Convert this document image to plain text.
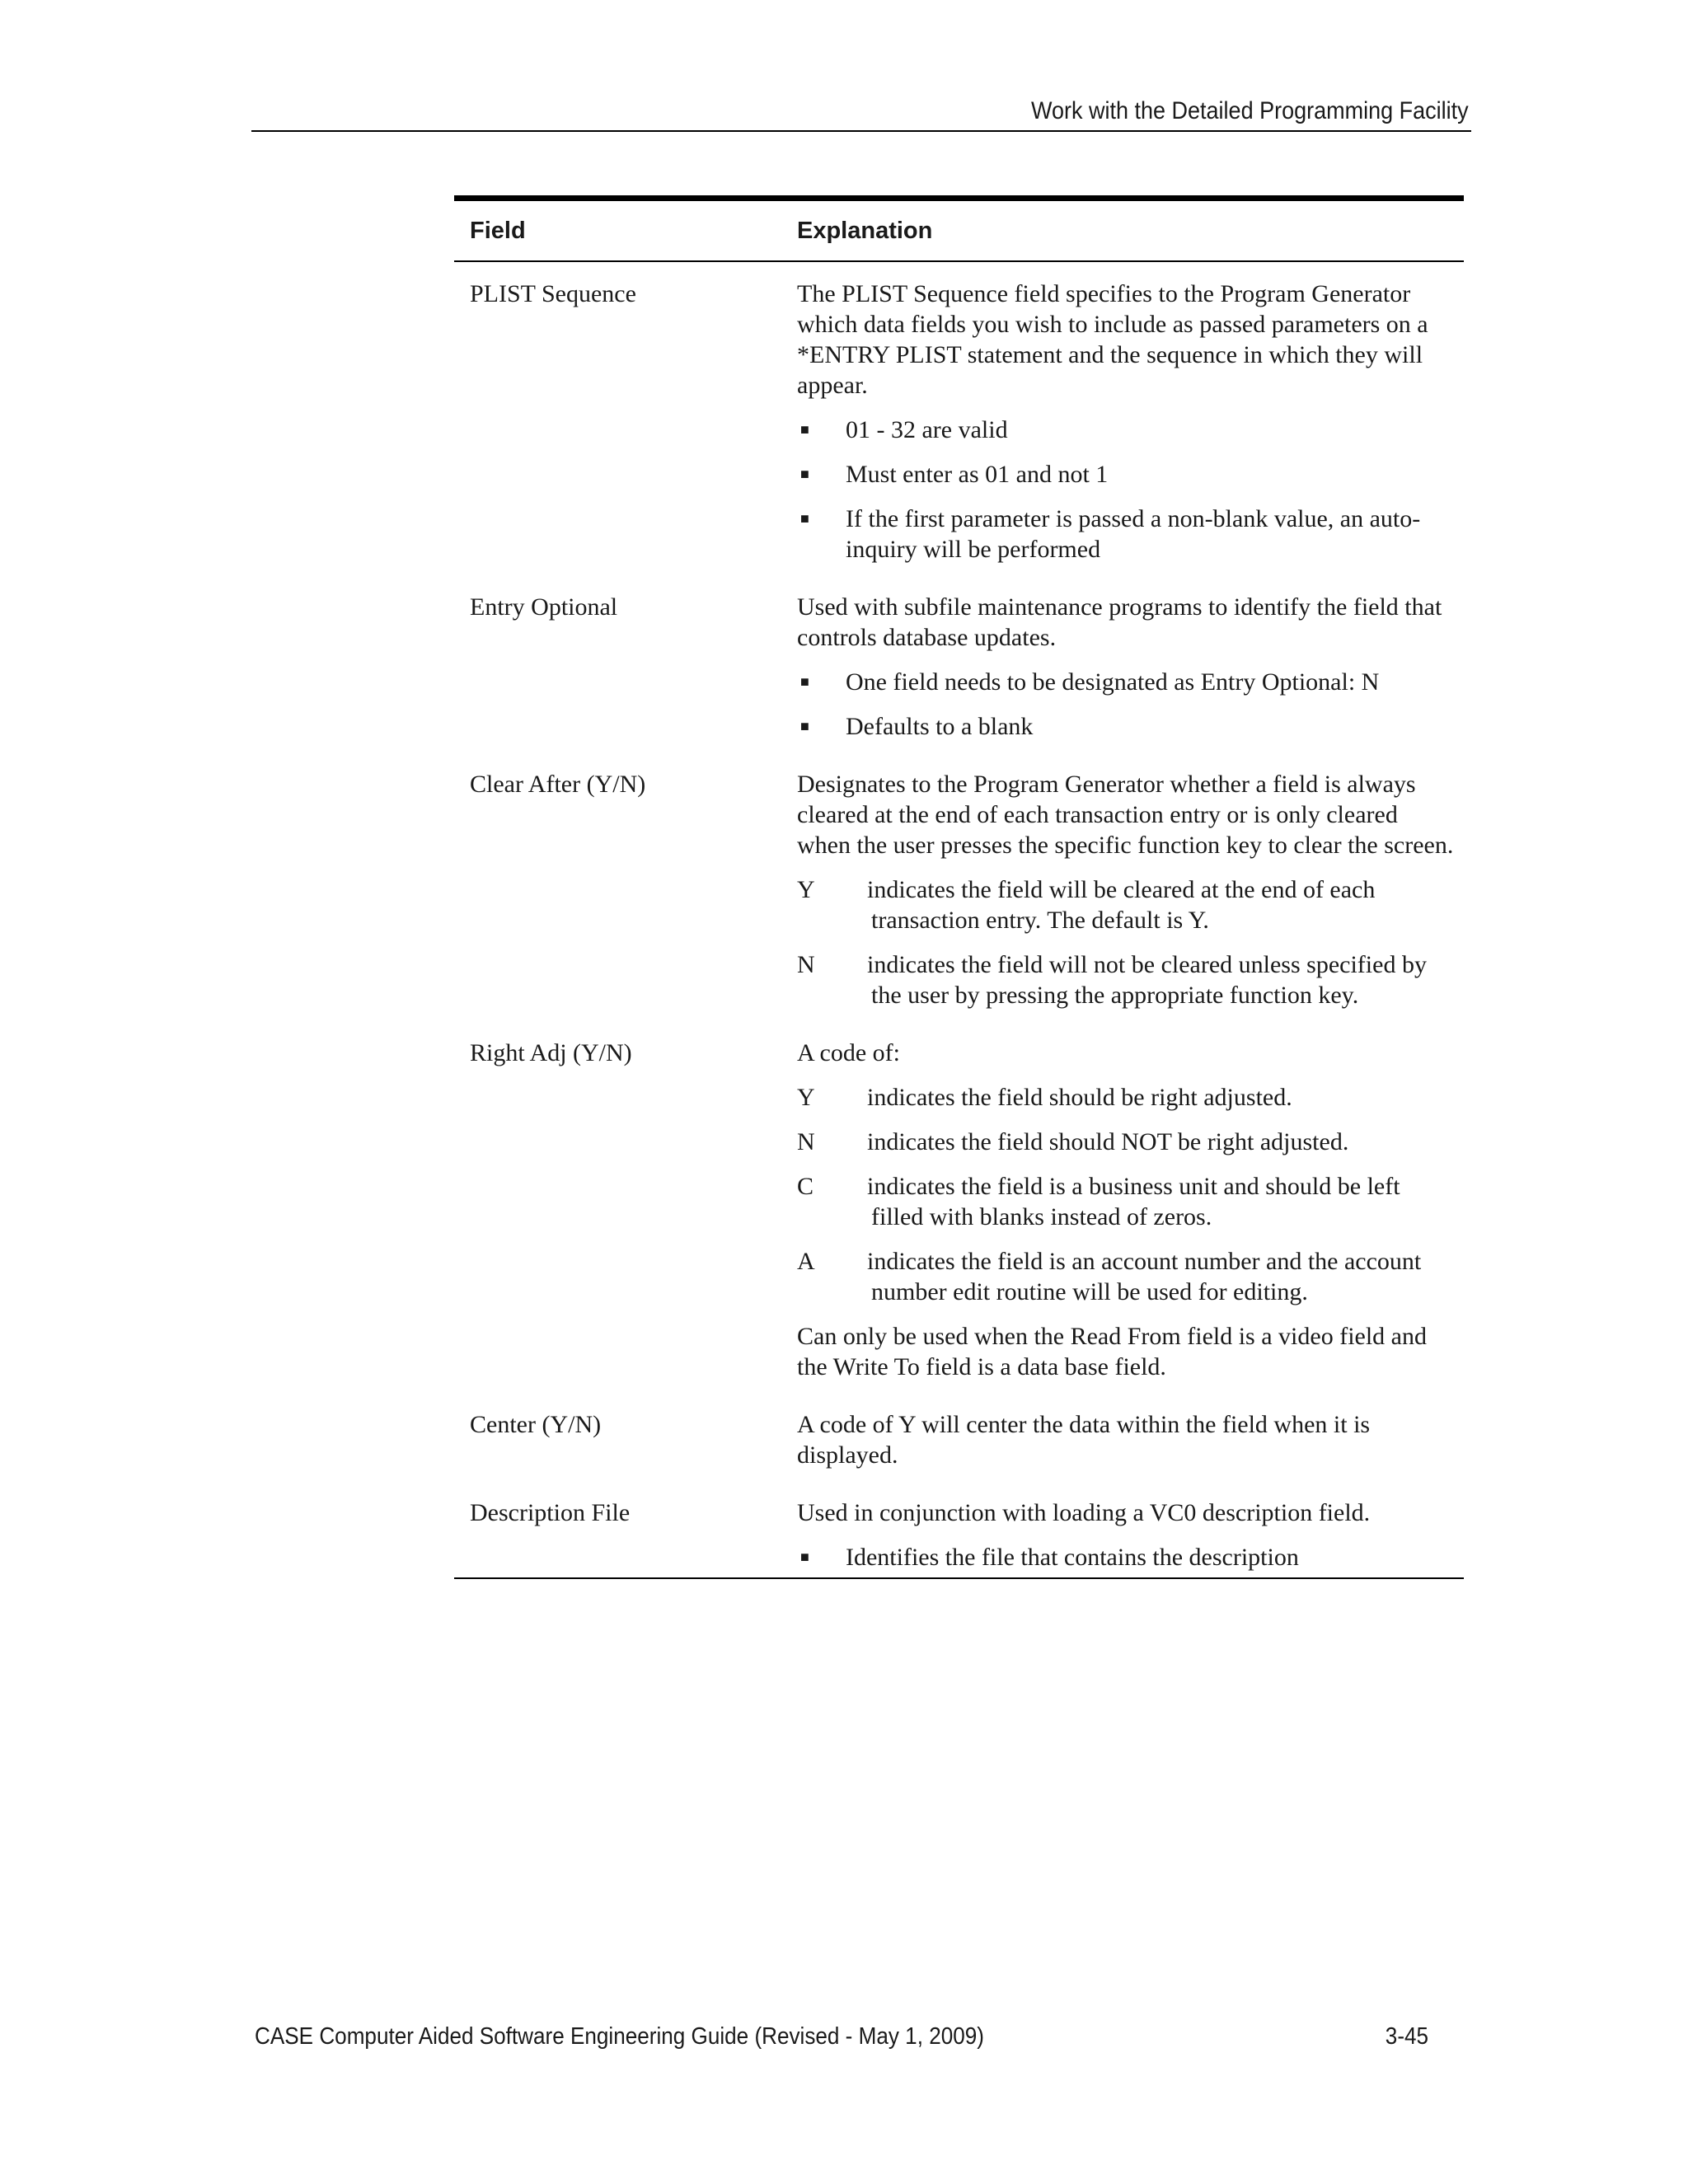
Work with the Detailed Programming Facility
Field	Explanation
PLIST Sequence	The PLIST Sequence field specifies to the Program Generator which data fields you wish to include as passed parameters on a *ENTRY PLIST statement and the sequence in which they will appear.

■	01 - 32 are valid
■	Must enter as 01 and not 1
■	If the first parameter is passed a non-blank value, an auto-inquiry will be performed
Entry Optional	Used with subfile maintenance programs to identify the field that controls database updates.

■	One field needs to be designated as Entry Optional: N
■	Defaults to a blank
Clear After (Y/N)	Designates to the Program Generator whether a field is always cleared at the end of each transaction entry or is only cleared when the user presses the specific function key to clear the screen.

Y	indicates the field will be cleared at the end of each transaction entry. The default is Y.
N	indicates the field will not be cleared unless specified by the user by pressing the appropriate function key.
Right Adj (Y/N)	A code of:

Y	indicates the field should be right adjusted.
N	indicates the field should NOT be right adjusted.
C	indicates the field is a business unit and should be left filled with blanks instead of zeros.
A	indicates the field is an account number and the account number edit routine will be used for editing.

Can only be used when the Read From field is a video field and the Write To field is a data base field.

Center (Y/N)	A code of Y will center the data within the field when it is displayed.

Description File	Used in conjunction with loading a VC0 description field.

■	Identifies the file that contains the description
CASE Computer Aided Software Engineering Guide (Revised - May 1, 2009)	3-45
